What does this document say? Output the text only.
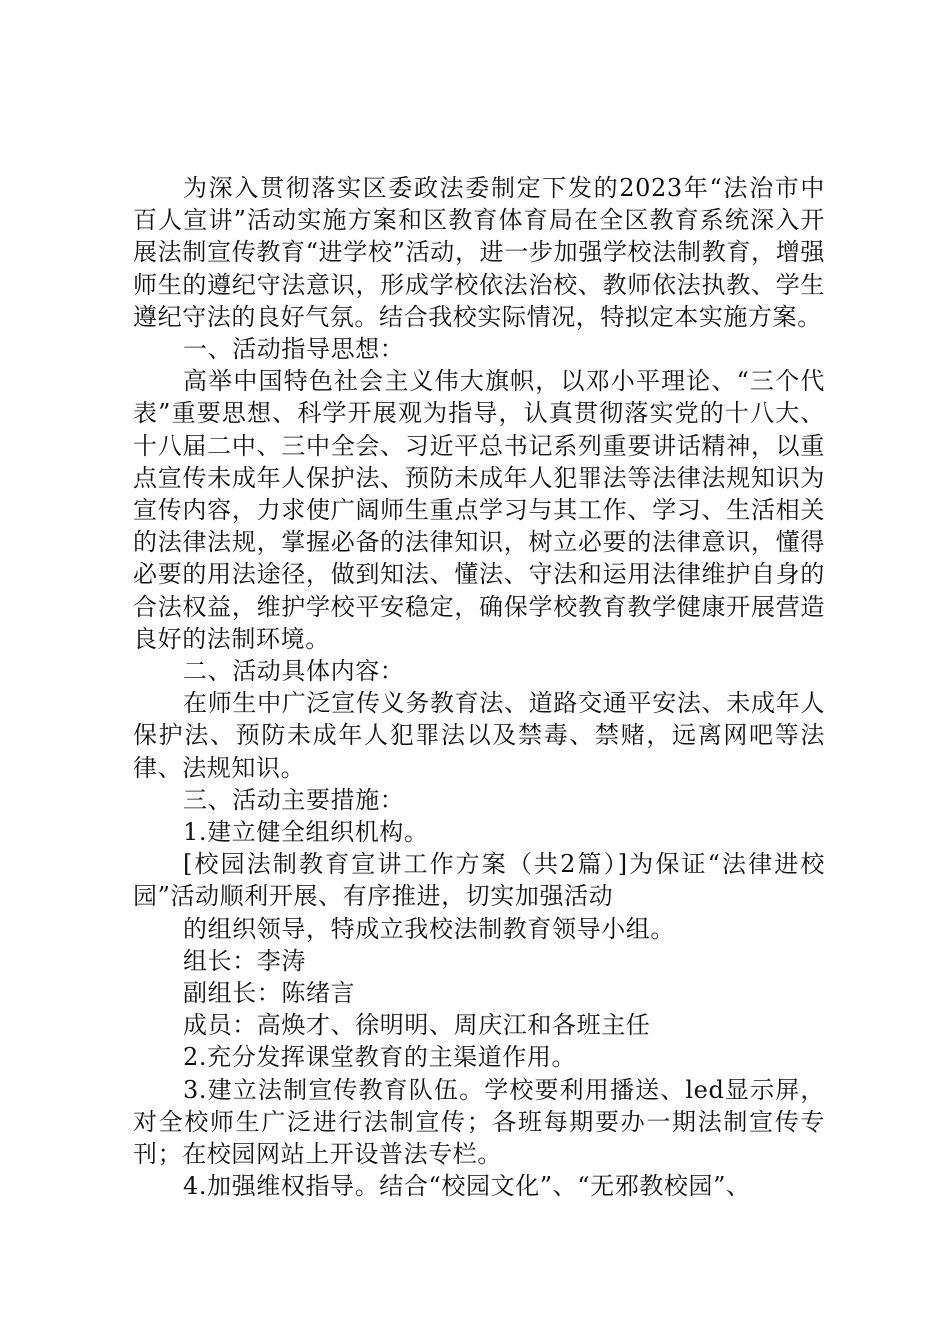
为深入贯彻落实区委政法委制定下发的2023年“法治市中百人宣讲”活动实施方案和区教育体育局在全区教育系统深入开展法制宣传教育“进学校”活动，进一步加强学校法制教育，增强师生的遵纪守法意识，形成学校依法治校、教师依法执教、学生遵纪守法的良好气氛。结合我校实际情况，特拟定本实施方案。

一、活动指导思想：

高举中国特色社会主义伟大旗帜，以邓小平理论、“三个代表”重要思想、科学开展观为指导，认真贯彻落实党的十八大、十八届二中、三中全会、习近平总书记系列重要讲话精神，以重点宣传未成年人保护法、预防未成年人犯罪法等法律法规知识为宣传内容，力求使广阔师生重点学习与其工作、学习、生活相关的法律法规，掌握必备的法律知识，树立必要的法律意识，懂得必要的用法途径，做到知法、懂法、守法和运用法律维护自身的合法权益，维护学校平安稳定，确保学校教育教学健康开展营造良好的法制环境。

二、活动具体内容：

在师生中广泛宣传义务教育法、道路交通平安法、未成年人保护法、预防未成年人犯罪法以及禁毒、禁赌，远离网吧等法律、法规知识。

三、活动主要措施：

1.建立健全组织机构。

[校园法制教育宣讲工作方案（共2篇）]为保证“法律进校园”活动顺利开展、有序推进，切实加强活动

的组织领导，特成立我校法制教育领导小组。

组长：李涛

副组长：陈绪言

成员：高焕才、徐明明、周庆江和各班主任

2.充分发挥课堂教育的主渠道作用。

3.建立法制宣传教育队伍。学校要利用播送、led显示屏，对全校师生广泛进行法制宣传；各班每期要办一期法制宣传专刊；在校园网站上开设普法专栏。

4.加强维权指导。结合“校园文化”、“无邪教校园”、
